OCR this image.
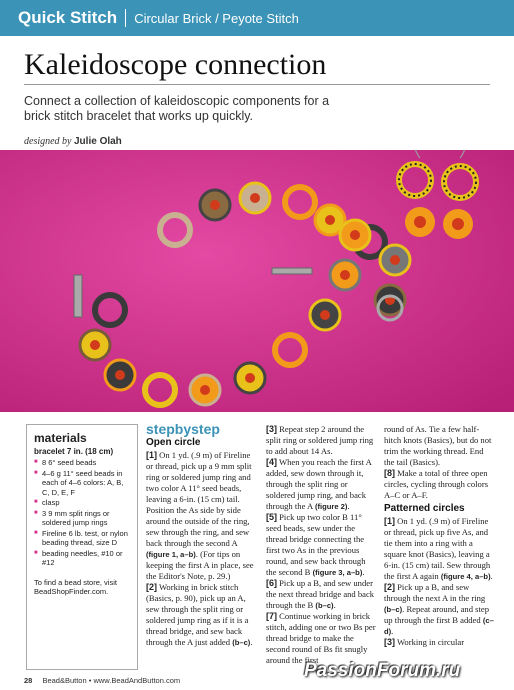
Quick Stitch Circular Brick / Peyote Stitch
Kaleidoscope connection
Connect a collection of kaleidoscopic components for a brick stitch bracelet that works up quickly.
designed by Julie Olah
materials
bracelet 7 in. (18 cm)
■ 8 6° seed beads
■ 4–6 g 11° seed beads in each of 4–6 colors: A, B, C, D, E, F
■ clasp
■ 3 9 mm split rings or soldered jump rings
■ Fireline 6 lb. test, or nylon beading thread, size D
■ beading needles, #10 or #12
To find a bead store, visit BeadShopFinder.com.
stepbystep
Open circle

[1] On 1 yd. (.9 m) of Fireline or thread, pick up a 9 mm split ring or soldered jump ring and two color A 11° seed beads, leaving a 6-in. (15 cm) tail. Position the As side by side around the outside of the ring, sew through the ring, and sew back through the second A (figure 1, a–b). (For tips on keeping the first A in place, see the Editor's Note, p. 29.)

[2] Working in brick stitch (Basics, p. 90), pick up an A, sew through the split ring or soldered jump ring as if it is a thread bridge, and sew back through the A just added (b–c).

[3] Repeat step 2 around the split ring or soldered jump ring to add about 14 As.

[4] When you reach the first A added, sew down through it, through the split ring or soldered jump ring, and back through the A (figure 2).

[5] Pick up two color B 11° seed beads, sew under the thread bridge connecting the first two As in the previous round, and sew back through the second B (figure 3, a–b).

[6] Pick up a B, and sew under the next thread bridge and back through the B (b–c).

[7] Continue working in brick stitch, adding one or two Bs per thread bridge to make the second round of Bs fit snugly around the first

round of As. Tie a few half-hitch knots (Basics), but do not trim the working thread. End the tail (Basics).

[8] Make a total of three open circles, cycling through colors A–C or A–F.

Patterned circles

[1] On 1 yd. (.9 m) of Fireline or thread, pick up five As, and tie them into a ring with a square knot (Basics), leaving a 6-in. (15 cm) tail. Sew through the first A again (figure 4, a–b).

[2] Pick up a B, and sew through the next A in the ring (b–c). Repeat around, and step up through the first B added (c–d).

[3] Working in circular

28 Bead&Button • www.BeadAndButton.com	PassionForum.ru
